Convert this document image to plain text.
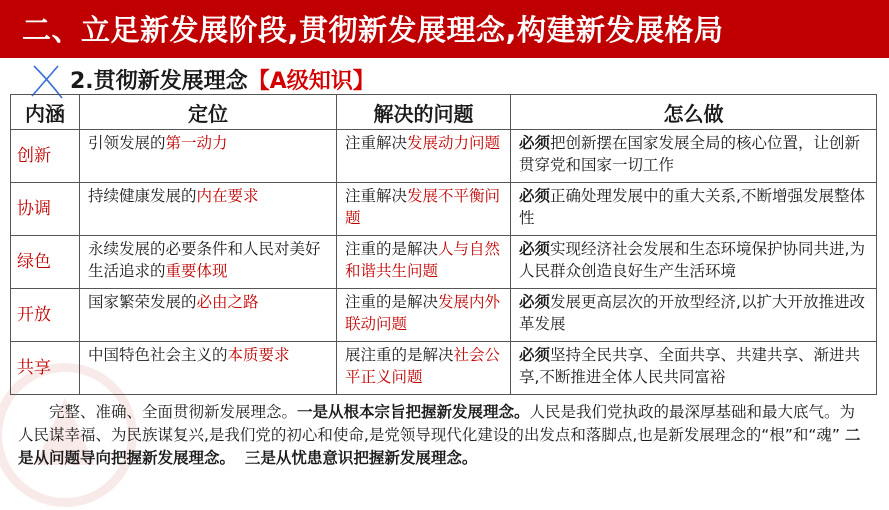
二、立足新发展阶段,贯彻新发展理念,构建新发展格局
2.贯彻新发展理念【A级知识】
内涵	定位	解决的问题	怎么做
创新	引领发展的第一动力	注重解决发展动力问题	必须把创新摆在国家发展全局的核心位置，让创新贯穿党和国家一切工作
协调	持续健康发展的内在要求	注重解决发展不平衡问题	必须正确处理发展中的重大关系,不断增强发展整体性
绿色	永续发展的必要条件和人民对美好生活追求的重要体现	注重的是解决人与自然和谐共生问题	必须实现经济社会发展和生态环境保护协同共进,为人民群众创造良好生产生活环境
开放	国家繁荣发展的必由之路	注重的是解决发展内外联动问题	必须发展更高层次的开放型经济,以扩大开放推进改革发展
共享	中国特色社会主义的本质要求	展注重的是解决社会公平正义问题	必须坚持全民共享、全面共享、共建共享、渐进共享,不断推进全体人民共同富裕

完整、准确、全面贯彻新发展理念。一是从根本宗旨把握新发展理念。人民是我们党执政的最深厚基础和最大底气。为人民谋幸福、为民族谋复兴,是我们党的初心和使命,是党领导现代化建设的出发点和落脚点,也是新发展理念的“根”和“魂” 二是从问题导向把握新发展理念。 三是从忧患意识把握新发展理念。
